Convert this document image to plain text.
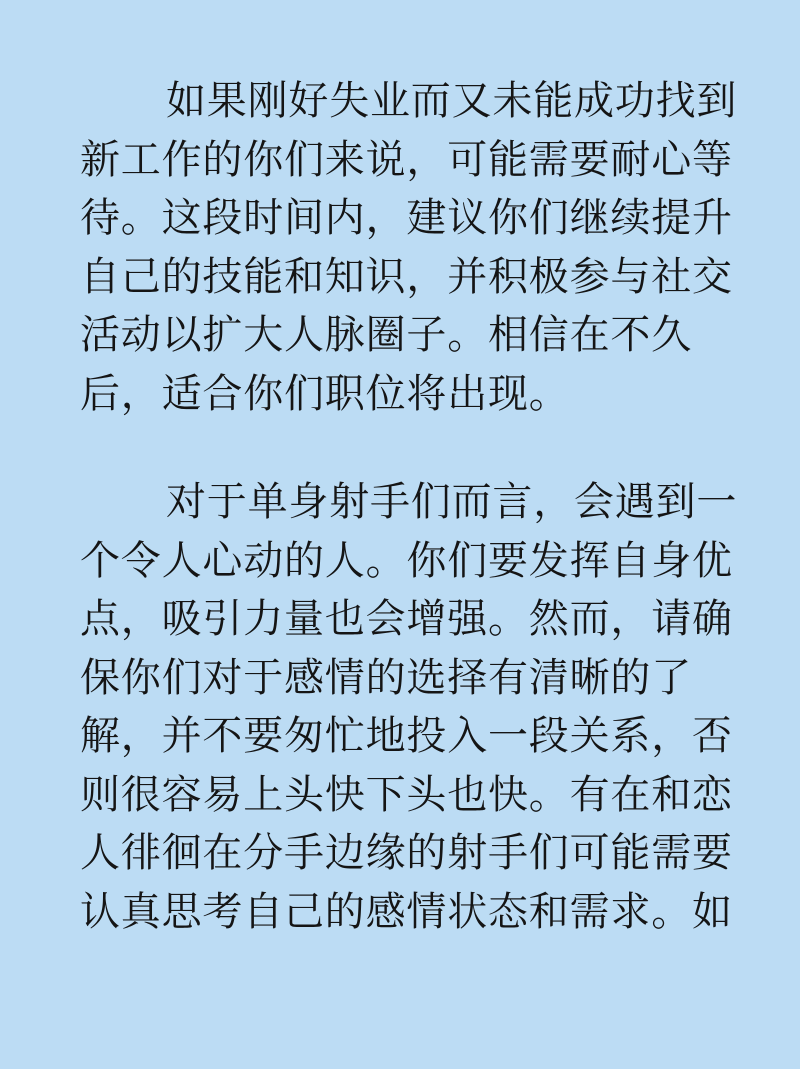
如果刚好失业而又未能成功找到
新工作的你们来说，可能需要耐心等
待。这段时间内，建议你们继续提升
自己的技能和知识，并积极参与社交
活动以扩大人脉圈子。相信在不久
后，适合你们职位将出现。
对于单身射手们而言，会遇到一
个令人心动的人。你们要发挥自身优
点，吸引力量也会增强。然而，请确
保你们对于感情的选择有清晰的了
解，并不要匆忙地投入一段关系，否
则很容易上头快下头也快。有在和恋
人徘徊在分手边缘的射手们可能需要
认真思考自己的感情状态和需求。如
